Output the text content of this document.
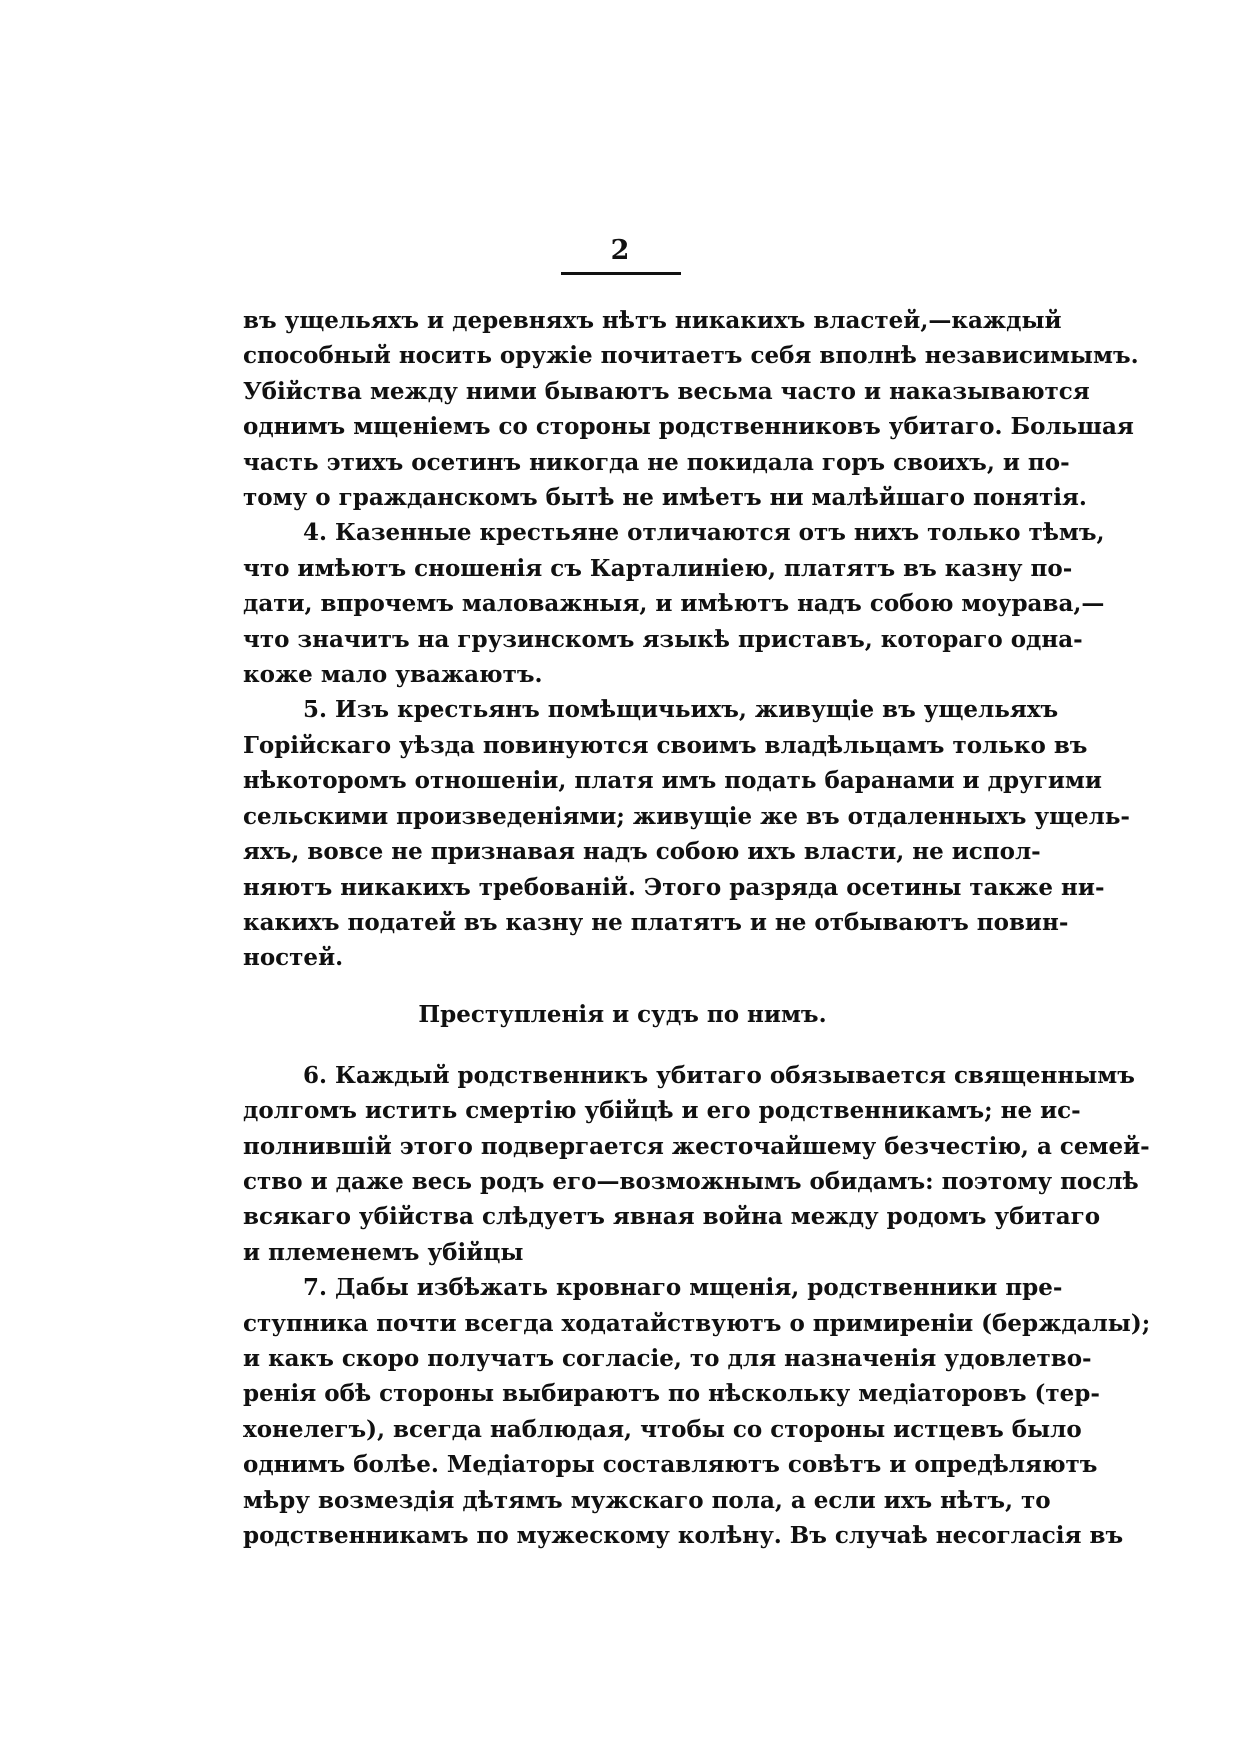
2

въ ущельяхъ и деревняхъ нѣтъ никакихъ властей,—каждый
способный носить оружіе почитаетъ себя вполнѣ независимымъ.
Убійства между ними бываютъ весьма часто и наказываются
однимъ мщеніемъ со стороны родственниковъ убитаго. Большая
часть этихъ осетинъ никогда не покидала горъ своихъ, и по-
тому о гражданскомъ бытѣ не имѣетъ ни малѣйшаго понятія.

4. Казенные крестьяне отличаются отъ нихъ только тѣмъ,
что имѣютъ сношенія съ Карталиніею, платятъ въ казну по-
дати, впрочемъ маловажныя, и имѣютъ надъ собою моурава,—
что значитъ на грузинскомъ языкѣ приставъ, котораго одна-
коже мало уважаютъ.

5. Изъ крестьянъ помѣщичьихъ, живущіе въ ущельяхъ
Горійскаго уѣзда повинуются своимъ владѣльцамъ только въ
нѣкоторомъ отношеніи, платя имъ подать баранами и другими
сельскими произведеніями; живущіе же въ отдаленныхъ ущель-
яхъ, вовсе не признавая надъ собою ихъ власти, не испол-
няютъ никакихъ требованій. Этого разряда осетины также ни-
какихъ податей въ казну не платятъ и не отбываютъ повин-
ностей.

Преступленія и судъ по нимъ.

6. Каждый родственникъ убитаго обязывается священнымъ
долгомъ истить смертію убійцѣ и его родственникамъ; не ис-
полнившій этого подвергается жесточайшему безчестію, а семей-
ство и даже весь родъ его—возможнымъ обидамъ: поэтому послѣ
всякаго убійства слѣдуетъ явная война между родомъ убитаго
и племенемъ убійцы

7. Дабы избѣжать кровнаго мщенія, родственники пре-
ступника почти всегда ходатайствуютъ о примиреніи (берждалы);
и какъ скоро получатъ согласіе, то для назначенія удовлетво-
ренія обѣ стороны выбираютъ по нѣскольку медіаторовъ (тер-
хонелегъ), всегда наблюдая, чтобы со стороны истцевъ было
однимъ болѣе. Медіаторы составляютъ совѣтъ и опредѣляютъ
мѣру возмездія дѣтямъ мужскаго пола, а если ихъ нѣтъ, то
родственникамъ по мужескому колѣну. Въ случаѣ несогласія въ
